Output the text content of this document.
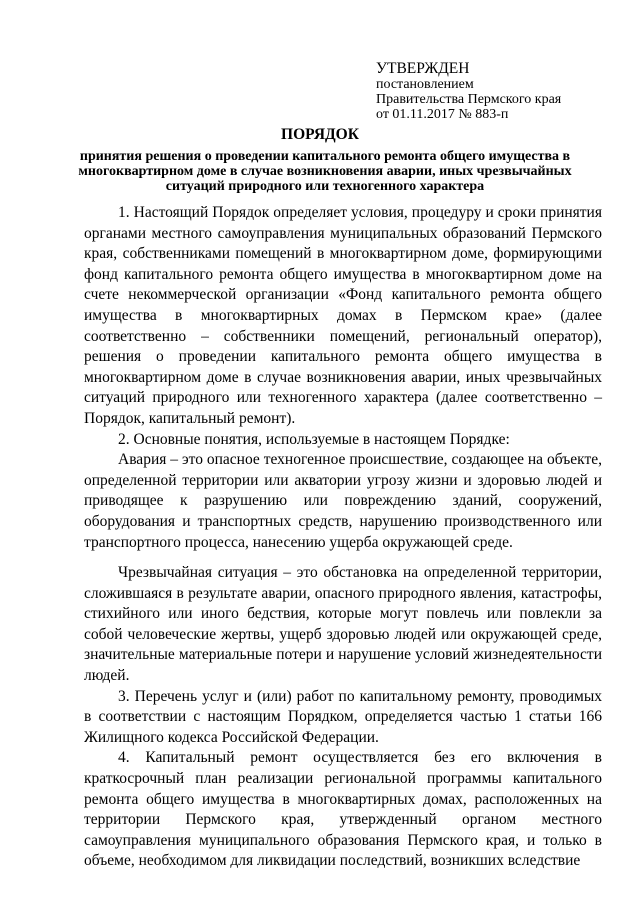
УТВЕРЖДЕН
постановлением
Правительства Пермского края
от 01.11.2017 № 883-п
ПОРЯДОК
принятия решения о проведении капитального ремонта общего имущества в многоквартирном доме в случае возникновения аварии, иных чрезвычайных ситуаций природного или техногенного характера

1. Настоящий Порядок определяет условия, процедуру и сроки принятия органами местного самоуправления муниципальных образований Пермского края, собственниками помещений в многоквартирном доме, формирующими фонд капитального ремонта общего имущества в многоквартирном доме на счете некоммерческой организации «Фонд капитального ремонта общего имущества в многоквартирных домах в Пермском крае» (далее соответственно – собственники помещений, региональный оператор), решения о проведении капитального ремонта общего имущества в многоквартирном доме в случае возникновения аварии, иных чрезвычайных ситуаций природного или техногенного характера (далее соответственно – Порядок, капитальный ремонт).

2. Основные понятия, используемые в настоящем Порядке:

Авария – это опасное техногенное происшествие, создающее на объекте, определенной территории или акватории угрозу жизни и здоровью людей и приводящее к разрушению или повреждению зданий, сооружений, оборудования и транспортных средств, нарушению производственного или транспортного процесса, нанесению ущерба окружающей среде.

Чрезвычайная ситуация – это обстановка на определенной территории, сложившаяся в результате аварии, опасного природного явления, катастрофы, стихийного или иного бедствия, которые могут повлечь или повлекли за собой человеческие жертвы, ущерб здоровью людей или окружающей среде, значительные материальные потери и нарушение условий жизнедеятельности людей.

3. Перечень услуг и (или) работ по капитальному ремонту, проводимых в соответствии с настоящим Порядком, определяется частью 1 статьи 166 Жилищного кодекса Российской Федерации.

4. Капитальный ремонт осуществляется без его включения в краткосрочный план реализации региональной программы капитального ремонта общего имущества в многоквартирных домах, расположенных на территории Пермского края, утвержденный органом местного самоуправления муниципального образования Пермского края, и только в объеме, необходимом для ликвидации последствий, возникших вследствие
